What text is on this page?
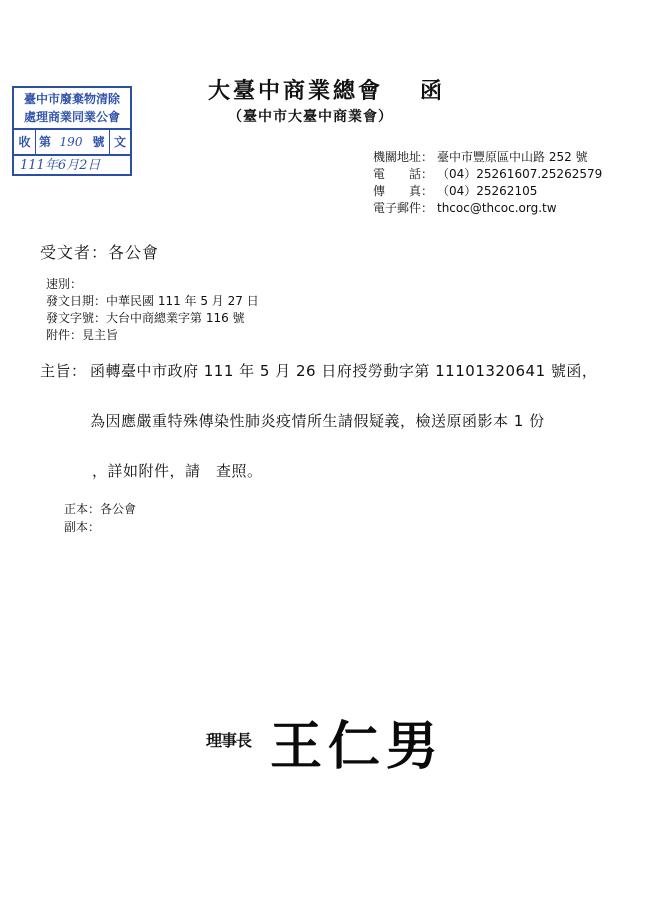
臺中市廢棄物清除
處理商業同業公會
收 第 190 號 文
111年6月2日
大臺中商業總會 函
（臺中市大臺中商業會）
機關地址： 臺中市豐原區中山路 252 號
電　　話： （04）25261607.25262579
傳　　真： （04）25262105
電子郵件： thcoc@thcoc.org.tw
受文者：各公會
速別：
發文日期：中華民國 111 年 5 月 27 日
發文字號：大台中商總業字第 116 號
附件：見主旨
主旨： 函轉臺中市政府 111 年 5 月 26 日府授勞動字第 11101320641 號函，
為因應嚴重特殊傳染性肺炎疫情所生請假疑義，檢送原函影本 1 份
，詳如附件，請　查照。
正本：各公會
副本：
理事長 王仁男
